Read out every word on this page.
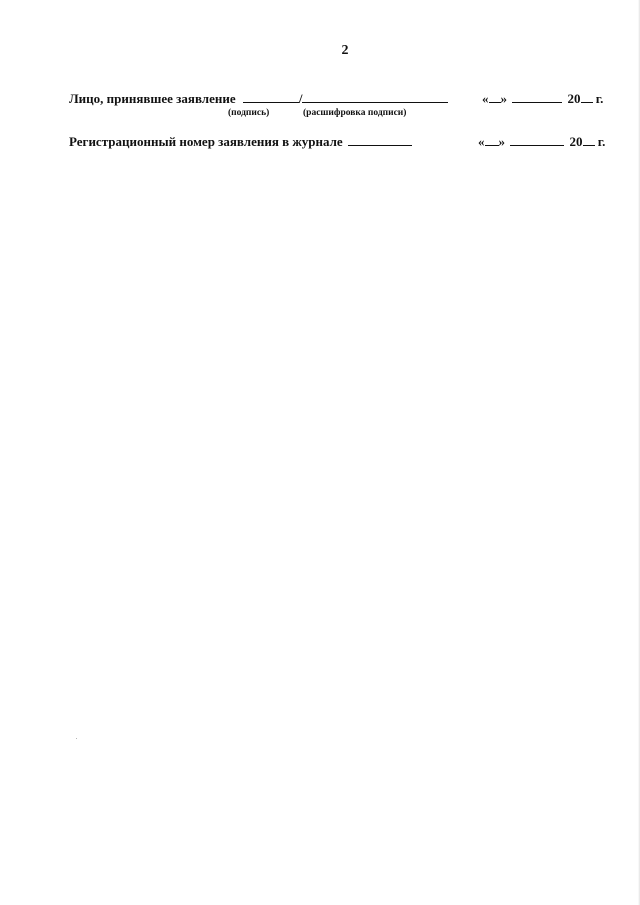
2
Лицо, принявшее заявление	/
(подпись)	(расшифровка подписи)
« »	20 г.
Регистрационный номер заявления в журнале	« »	20 г.
